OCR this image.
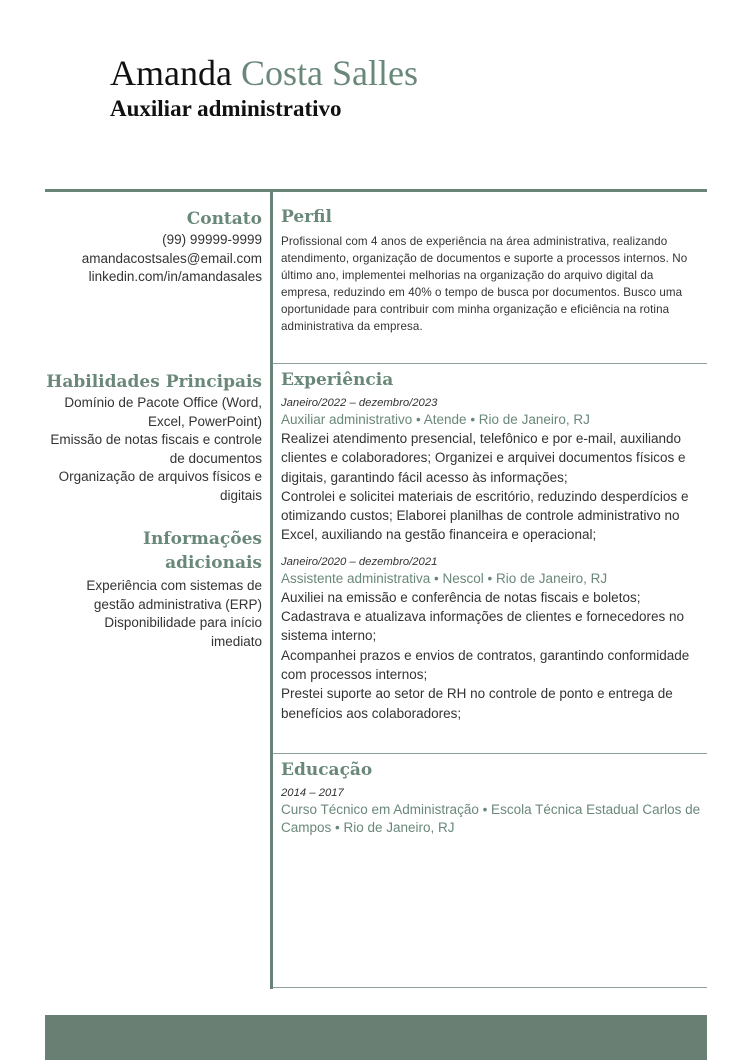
Amanda Costa Salles
Auxiliar administrativo
Contato
(99) 99999-9999
amandacostsales@email.com
linkedin.com/in/amandasales
Habilidades Principais
Domínio de Pacote Office (Word, Excel, PowerPoint)
Emissão de notas fiscais e controle de documentos
Organização de arquivos físicos e digitais
Informações adicionais
Experiência com sistemas de gestão administrativa (ERP)
Disponibilidade para início imediato
Perfil
Profissional com 4 anos de experiência na área administrativa, realizando atendimento, organização de documentos e suporte a processos internos. No último ano, implementei melhorias na organização do arquivo digital da empresa, reduzindo em 40% o tempo de busca por documentos. Busco uma oportunidade para contribuir com minha organização e eficiência na rotina administrativa da empresa.
Experiência
Janeiro/2022 – dezembro/2023
Auxiliar administrativo • Atende • Rio de Janeiro, RJ
Realizei atendimento presencial, telefônico e por e-mail, auxiliando clientes e colaboradores; Organizei e arquivei documentos físicos e digitais, garantindo fácil acesso às informações;
Controlei e solicitei materiais de escritório, reduzindo desperdícios e otimizando custos; Elaborei planilhas de controle administrativo no Excel, auxiliando na gestão financeira e operacional;
Janeiro/2020 – dezembro/2021
Assistente administrativa • Nescol • Rio de Janeiro, RJ
Auxiliei na emissão e conferência de notas fiscais e boletos;
Cadastrava e atualizava informações de clientes e fornecedores no sistema interno;
Acompanhei prazos e envios de contratos, garantindo conformidade com processos internos;
Prestei suporte ao setor de RH no controle de ponto e entrega de benefícios aos colaboradores;
Educação
2014 – 2017
Curso Técnico em Administração • Escola Técnica Estadual Carlos de Campos • Rio de Janeiro, RJ
